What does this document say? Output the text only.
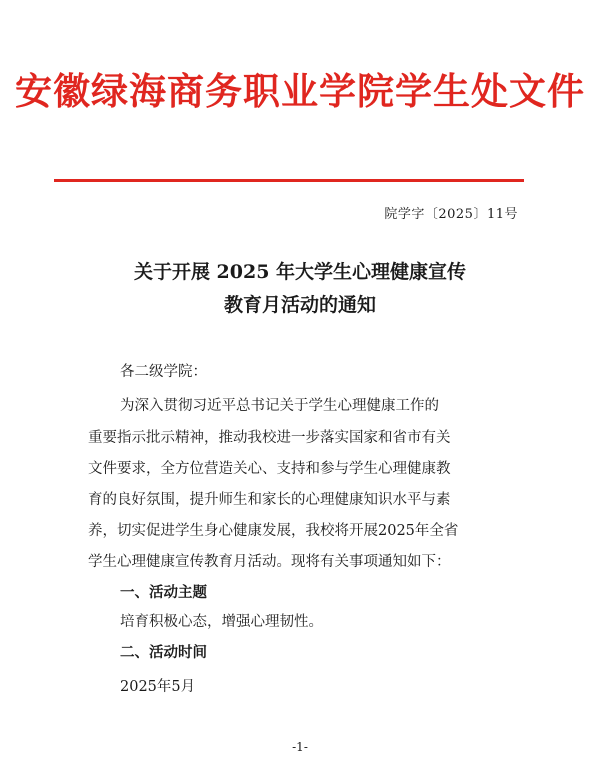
安徽绿海商务职业学院学生处文件
院学字〔2025〕11号
关于开展 2025 年大学生心理健康宣传
教育月活动的通知
各二级学院：
为深入贯彻习近平总书记关于学生心理健康工作的
重要指示批示精神，推动我校进一步落实国家和省市有关
文件要求，全方位营造关心、支持和参与学生心理健康教
育的良好氛围，提升师生和家长的心理健康知识水平与素
养，切实促进学生身心健康发展，我校将开展2025年全省
学生心理健康宣传教育月活动。现将有关事项通知如下：
一、活动主题
培育积极心态，增强心理韧性。
二、活动时间
2025年5月
-1-
